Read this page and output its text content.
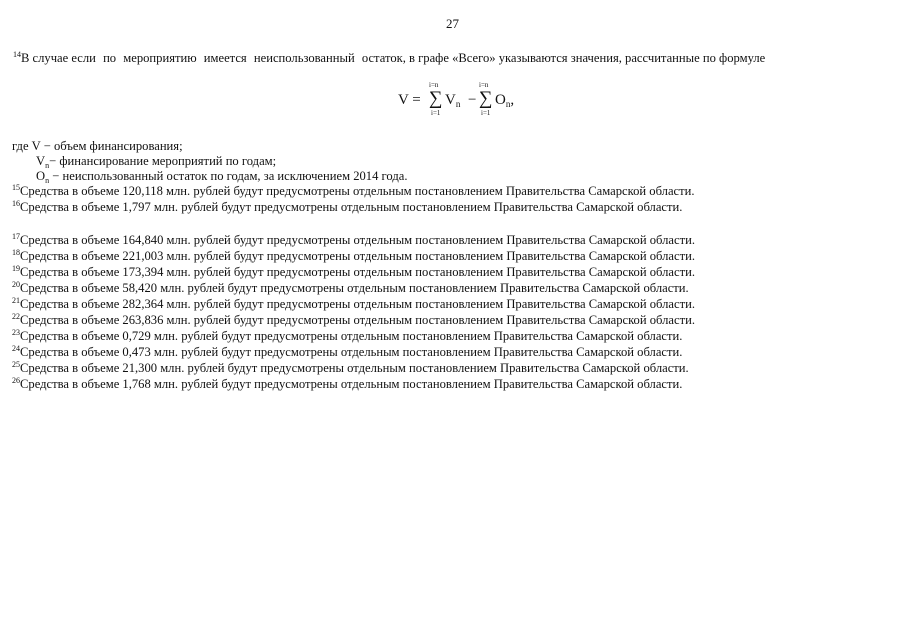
27
$^{14}$В случае если по мероприятию имеется неиспользованный остаток, в графе «Всего» указываются значения, рассчитанные по формуле
V =
i=n
∑
i=1
$V_n$ −
i=n
∑
i=1
$O_n$,
где V − объем финансирования;
$V_n-$ финансирование мероприятий по годам;
$O_n$ − неиспользованный остаток по годам, за исключением 2014 года.
$^{15}$Средства в объеме 120,118 млн. рублей будут предусмотрены отдельным постановлением Правительства Самарской области.
$^{16}$Средства в объеме 1,797 млн. рублей будут предусмотрены отдельным постановлением Правительства Самарской области.
$^{17}$Средства в объеме 164,840 млн. рублей будут предусмотрены отдельным постановлением Правительства Самарской области.
$^{18}$Средства в объеме 221,003 млн. рублей будут предусмотрены отдельным постановлением Правительства Самарской области.
$^{19}$Средства в объеме 173,394 млн. рублей будут предусмотрены отдельным постановлением Правительства Самарской области.
$^{20}$Средства в объеме 58,420 млн. рублей будут предусмотрены отдельным постановлением Правительства Самарской области.
$^{21}$Средства в объеме 282,364 млн. рублей будут предусмотрены отдельным постановлением Правительства Самарской области.
$^{22}$Средства в объеме 263,836 млн. рублей будут предусмотрены отдельным постановлением Правительства Самарской области.
$^{23}$Средства в объеме 0,729 млн. рублей будут предусмотрены отдельным постановлением Правительства Самарской области.
$^{24}$Средства в объеме 0,473 млн. рублей будут предусмотрены отдельным постановлением Правительства Самарской области.
$^{25}$Средства в объеме 21,300 млн. рублей будут предусмотрены отдельным постановлением Правительства Самарской области.
$^{26}$Средства в объеме 1,768 млн. рублей будут предусмотрены отдельным постановлением Правительства Самарской области.
